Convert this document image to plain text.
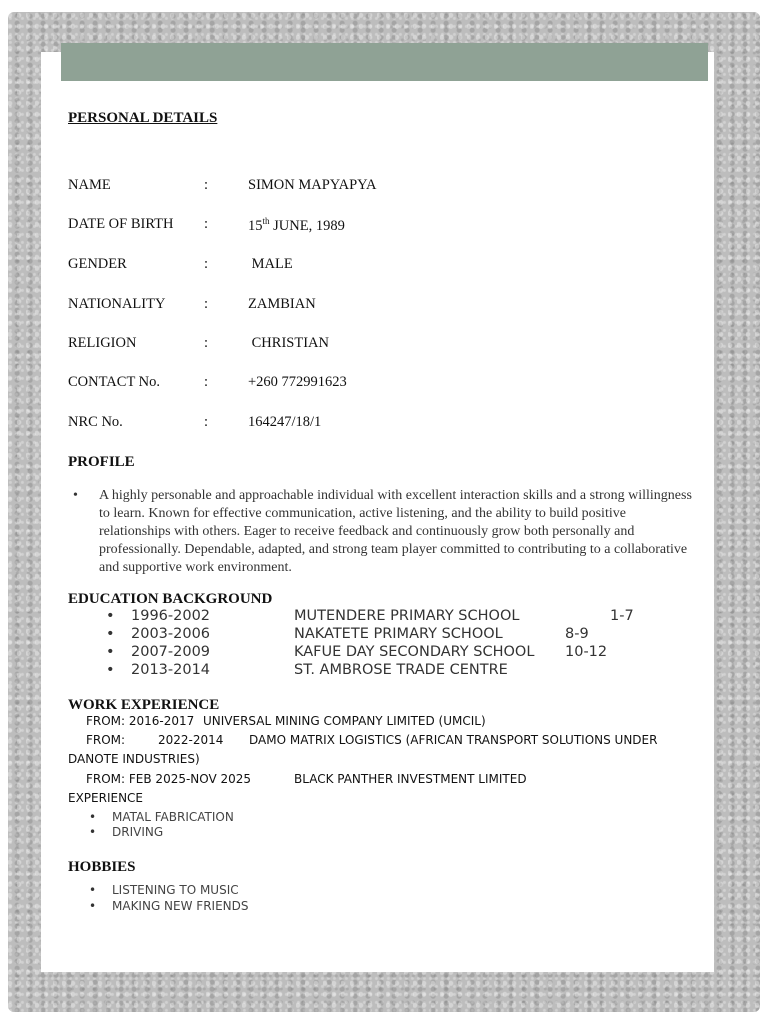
PERSONAL DETAILS
NAME	:	SIMON MAPYAPYA
DATE OF BIRTH :	15th JUNE, 1989
GENDER	:	MALE
NATIONALITY	:	ZAMBIAN
RELIGION	:	CHRISTIAN
CONTACT No.	:	+260 772991623
NRC No.	:	164247/18/1
PROFILE
• A highly personable and approachable individual with excellent interaction skills and a strong willingness to learn. Known for effective communication, active listening, and the ability to build positive relationships with others. Eager to receive feedback and continuously grow both personally and professionally. Dependable, adapted, and strong team player committed to contributing to a collaborative and supportive work environment.
EDUCATION BACKGROUND
• 1996-2002	MUTENDERE PRIMARY SCHOOL	1-7
• 2003-2006	NAKATETE PRIMARY SCHOOL	8-9
• 2007-2009	KAFUE DAY SECONDARY SCHOOL 10-12
• 2013-2014	ST. AMBROSE TRADE CENTRE
WORK EXPERIENCE
FROM: 2016-2017 UNIVERSAL MINING COMPANY LIMITED (UMCIL)
FROM:	2022-2014 DAMO MATRIX LOGISTICS (AFRICAN TRANSPORT SOLUTIONS UNDER
DANOTE INDUSTRIES)
FROM: FEB 2025-NOV 2025	BLACK PANTHER INVESTMENT LIMITED
EXPERIENCE
• MATAL FABRICATION
• DRIVING
HOBBIES
• LISTENING TO MUSIC
• MAKING NEW FRIENDS
